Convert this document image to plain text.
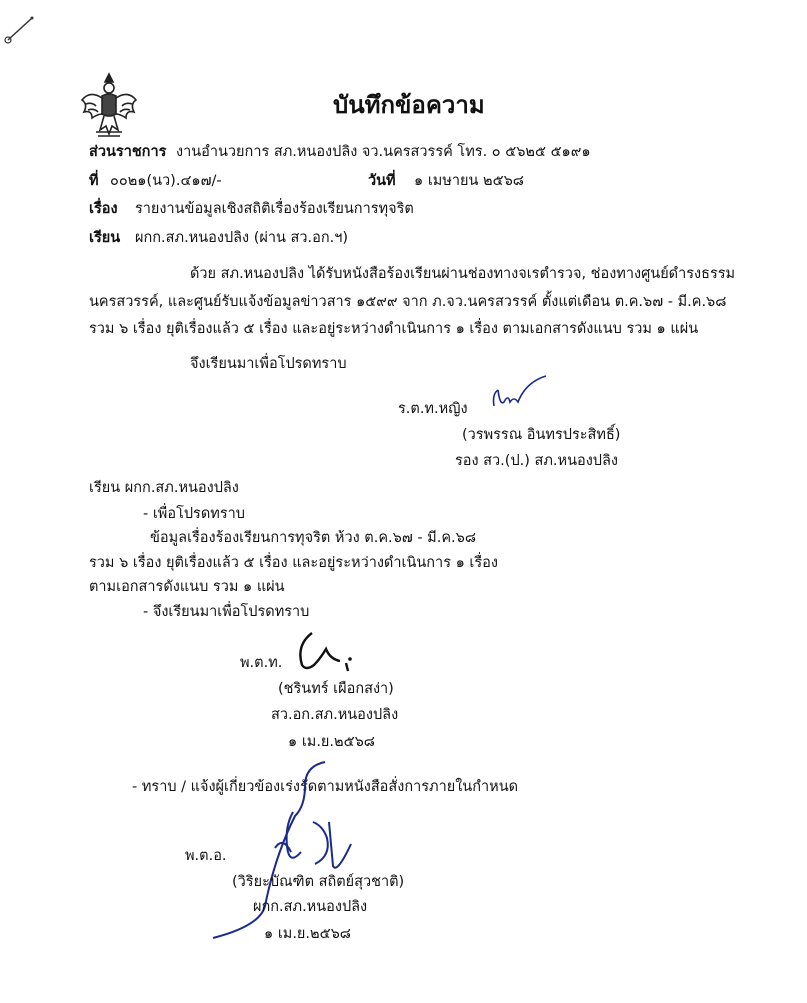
บันทึกข้อความ
ส่วนราชการ งานอำนวยการ สภ.หนองปลิง จว.นครสวรรค์ โทร. ๐ ๕๖๒๕ ๕๑๙๑
ที่ ๐๐๒๑(นว).๔๑๗/-	วันที่ ๑ เมษายน ๒๕๖๘
เรื่อง รายงานข้อมูลเชิงสถิติเรื่องร้องเรียนการทุจริต
เรียน ผกก.สภ.หนองปลิง (ผ่าน สว.อก.ฯ)
ด้วย สภ.หนองปลิง ได้รับหนังสือร้องเรียนผ่านช่องทางจเรตำรวจ, ช่องทางศูนย์ดำรงธรรม
นครสวรรค์, และศูนย์รับแจ้งข้อมูลข่าวสาร ๑๕๙๙ จาก ภ.จว.นครสวรรค์ ตั้งแต่เดือน ต.ค.๖๗ - มี.ค.๖๘
รวม ๖ เรื่อง ยุติเรื่องแล้ว ๕ เรื่อง และอยู่ระหว่างดำเนินการ ๑ เรื่อง ตามเอกสารดังแนบ รวม ๑ แผ่น
จึงเรียนมาเพื่อโปรดทราบ
ร.ต.ท.หญิง
(วรพรรณ อินทรประสิทธิ์)
รอง สว.(ป.) สภ.หนองปลิง
เรียน ผกก.สภ.หนองปลิง
- เพื่อโปรดทราบ
ข้อมูลเรื่องร้องเรียนการทุจริต ห้วง ต.ค.๖๗ - มี.ค.๖๘
รวม ๖ เรื่อง ยุติเรื่องแล้ว ๕ เรื่อง และอยู่ระหว่างดำเนินการ ๑ เรื่อง
ตามเอกสารดังแนบ รวม ๑ แผ่น
- จึงเรียนมาเพื่อโปรดทราบ
พ.ต.ท.
(ชรินทร์ เผือกสง่า)
สว.อก.สภ.หนองปลิง
๑ เม.ย.๒๕๖๘
- ทราบ / แจ้งผู้เกี่ยวข้องเร่งรัดตามหนังสือสั่งการภายในกำหนด
พ.ต.อ.
(วิริยะบัณฑิต สถิตย์สุวชาติ)
ผกก.สภ.หนองปลิง
๑ เม.ย.๒๕๖๘
